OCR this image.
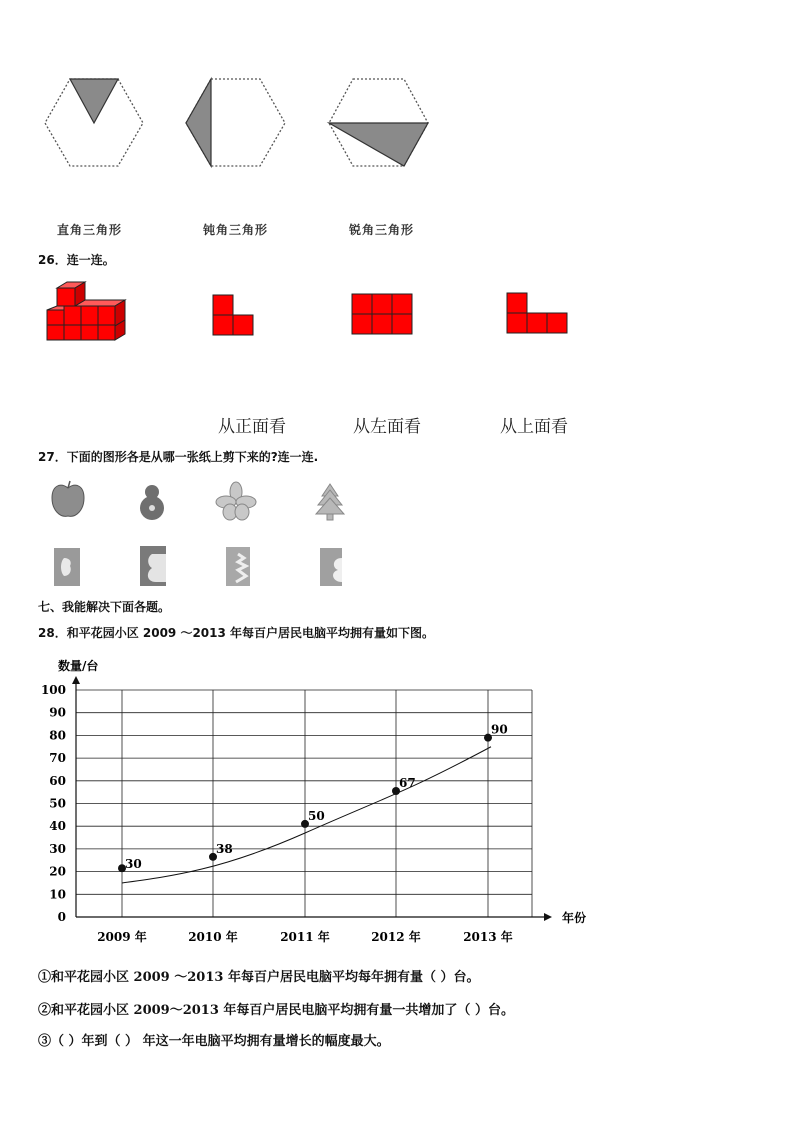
直角三角形	钝角三角形	锐角三角形
26．连一连。
从正面看	从左面看	从上面看
27．下面的图形各是从哪一张纸上剪下来的?连一连.
七、我能解决下面各题。
28．和平花园小区 2009 ～2013 年每百户居民电脑平均拥有量如下图。
数量/台
年份
0
10
20
30
40
50
60
70
80
90
100
2009 年	2010 年	2011 年	2012 年	2013 年
30
38
50
67
90
①和平花园小区 2009 ～2013 年每百户居民电脑平均每年拥有量（ ）台。
②和平花园小区 2009～2013 年每百户居民电脑平均拥有量一共增加了（ ）台。
③（ ）年到（ ） 年这一年电脑平均拥有量增长的幅度最大。
